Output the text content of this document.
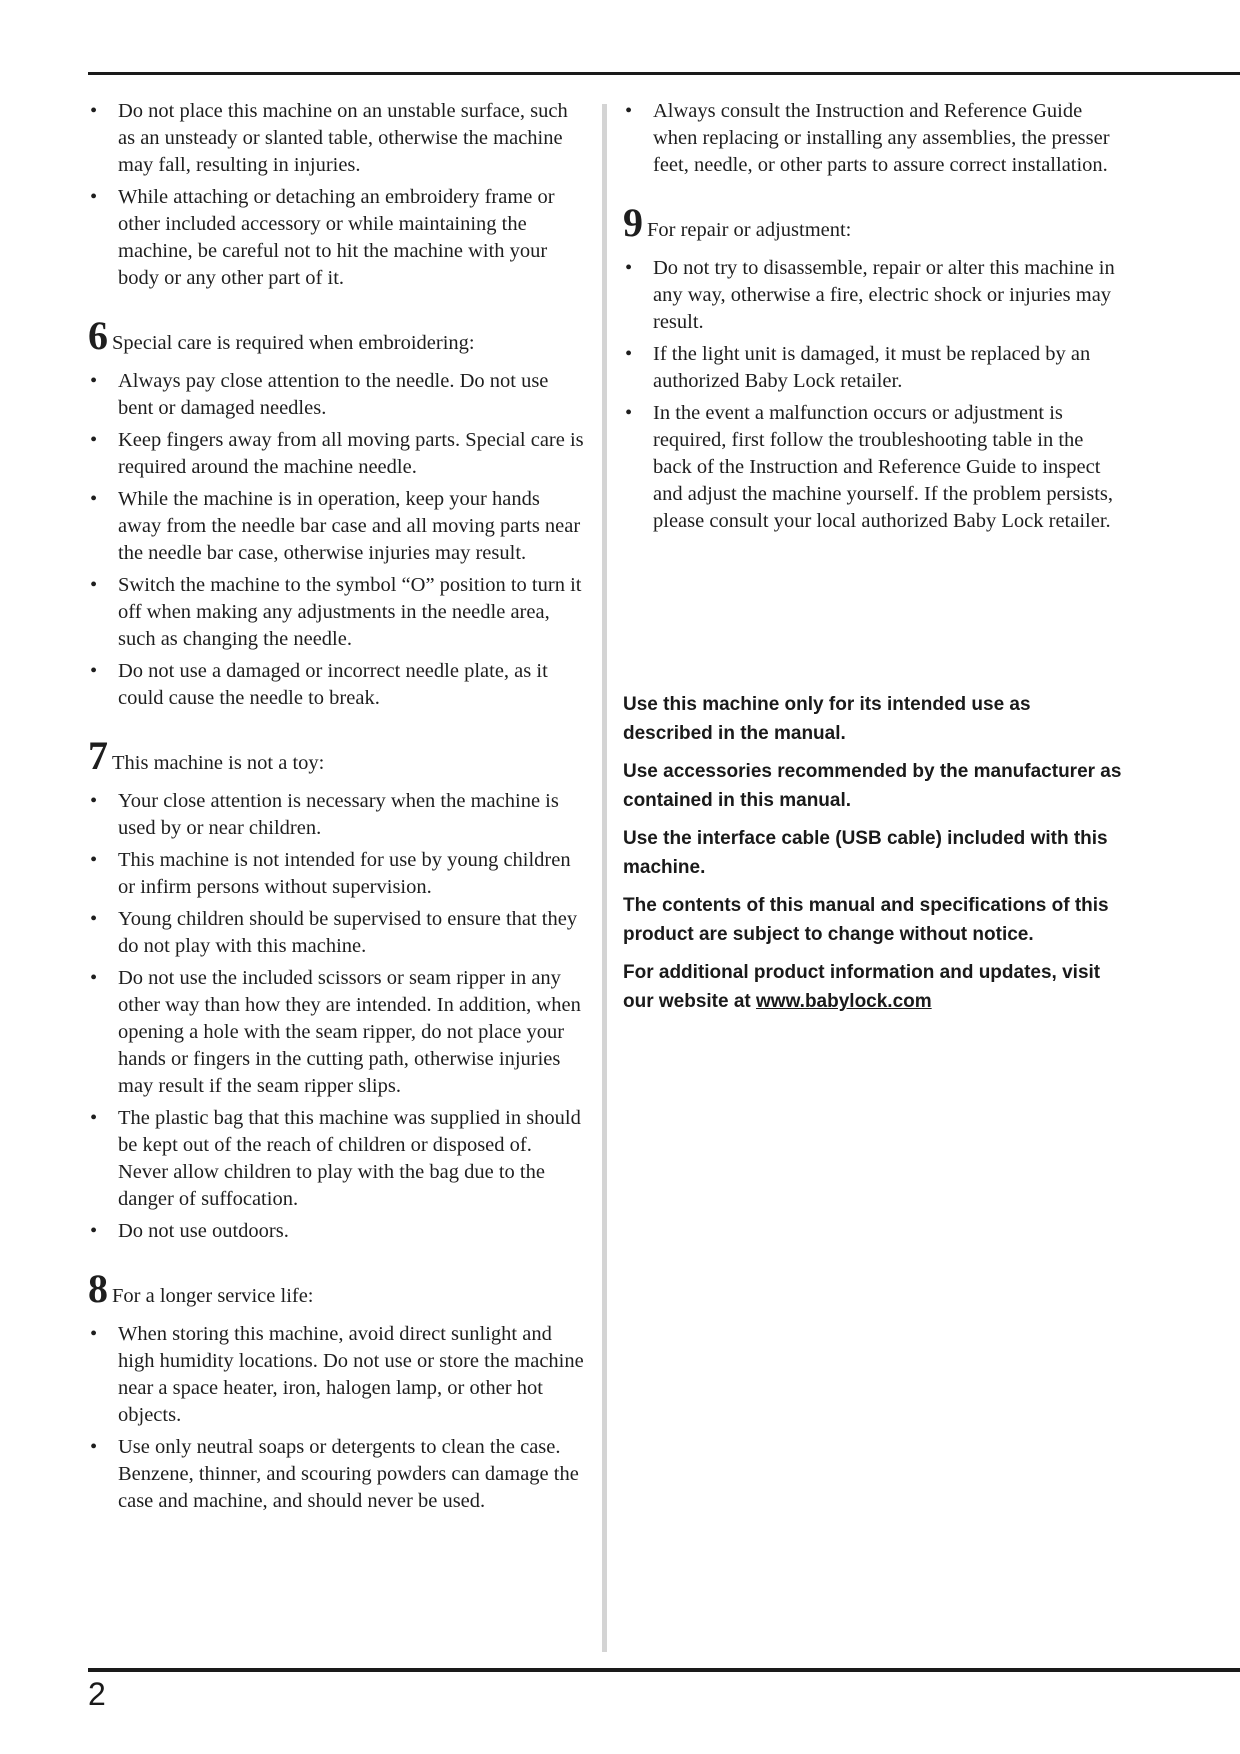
• Do not place this machine on an unstable surface, such as an unsteady or slanted table, otherwise the machine may fall, resulting in injuries.
• While attaching or detaching an embroidery frame or other included accessory or while maintaining the machine, be careful not to hit the machine with your body or any other part of it.
6 Special care is required when embroidering:
• Always pay close attention to the needle. Do not use bent or damaged needles.
• Keep fingers away from all moving parts. Special care is required around the machine needle.
• While the machine is in operation, keep your hands away from the needle bar case and all moving parts near the needle bar case, otherwise injuries may result.
• Switch the machine to the symbol “O” position to turn it off when making any adjustments in the needle area, such as changing the needle.
• Do not use a damaged or incorrect needle plate, as it could cause the needle to break.
7 This machine is not a toy:
• Your close attention is necessary when the machine is used by or near children.
• This machine is not intended for use by young children or infirm persons without supervision.
• Young children should be supervised to ensure that they do not play with this machine.
• Do not use the included scissors or seam ripper in any other way than how they are intended. In addition, when opening a hole with the seam ripper, do not place your hands or fingers in the cutting path, otherwise injuries may result if the seam ripper slips.
• The plastic bag that this machine was supplied in should be kept out of the reach of children or disposed of. Never allow children to play with the bag due to the danger of suffocation.
• Do not use outdoors.
8 For a longer service life:
• When storing this machine, avoid direct sunlight and high humidity locations. Do not use or store the machine near a space heater, iron, halogen lamp, or other hot objects.
• Use only neutral soaps or detergents to clean the case. Benzene, thinner, and scouring powders can damage the case and machine, and should never be used.
• Always consult the Instruction and Reference Guide when replacing or installing any assemblies, the presser feet, needle, or other parts to assure correct installation.
9 For repair or adjustment:
• Do not try to disassemble, repair or alter this machine in any way, otherwise a fire, electric shock or injuries may result.
• If the light unit is damaged, it must be replaced by an authorized Baby Lock retailer.
• In the event a malfunction occurs or adjustment is required, first follow the troubleshooting table in the back of the Instruction and Reference Guide to inspect and adjust the machine yourself. If the problem persists, please consult your local authorized Baby Lock retailer.

Use this machine only for its intended use as described in the manual.

Use accessories recommended by the manufacturer as contained in this manual.

Use the interface cable (USB cable) included with this machine.

The contents of this manual and specifications of this product are subject to change without notice.

For additional product information and updates, visit our website at www.babylock.com

2
